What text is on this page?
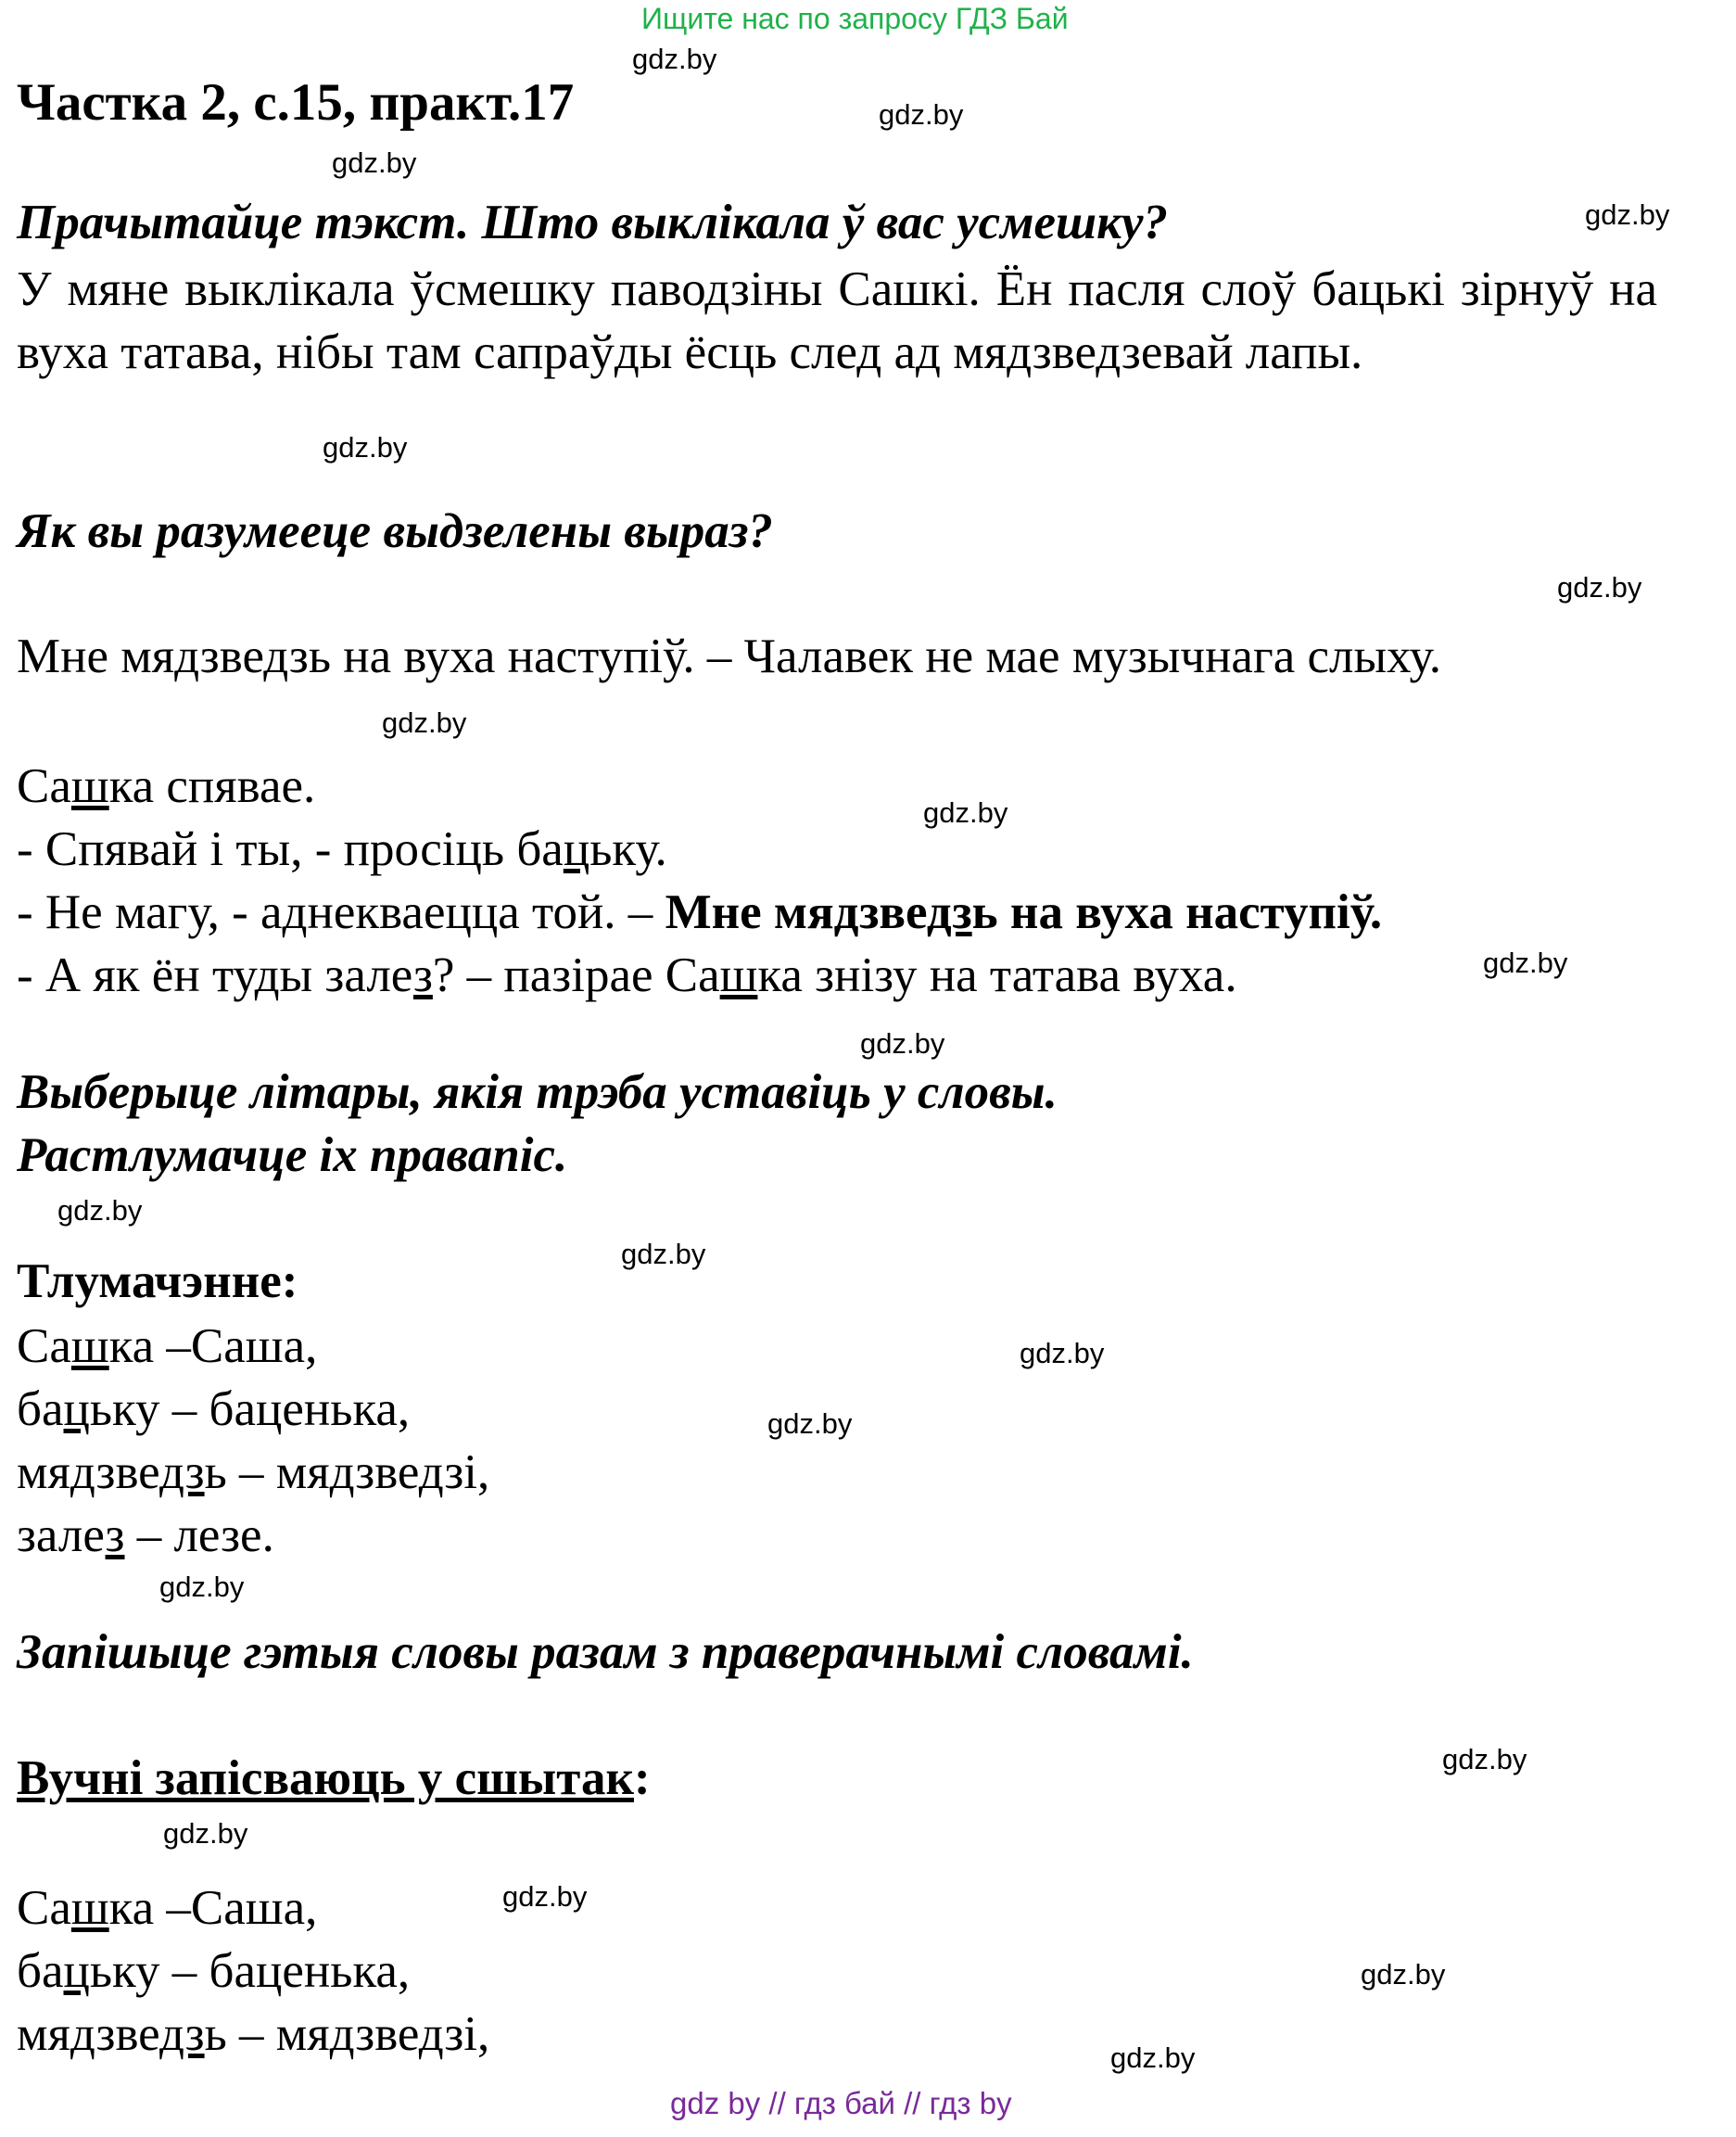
Ищите нас по запросу ГДЗ Бай
Частка 2, с.15, практ.17
Прачытайце тэкст. Што выклікала ў вас усмешку?
У мяне выклікала ўсмешку паводзіны Сашкі. Ён пасля слоў бацькі зірнуў на вуха татава, нібы там сапраўды ёсць след ад мядзведзевай лапы.
Як вы разумееце выдзелены выраз?
Мне мядзведзь на вуха наступіў. – Чалавек не мае музычнага слыху.
Сашка спявае.
- Спявай і ты, - просіць бацьку.
- Не магу, - аднекваецца той. – Мне мядзведзь на вуха наступіў.
- А як ён туды залез? – пазірае Сашка знізу на татава вуха.
Выберыце літары, якія трэба уставіць у словы.
Растлумачце іх правапіс.
Тлумачэнне:
Сашка –Саша,
бацьку – баценька,
мядзведзь – мядзведзі,
залез – лезе.
Запішыце гэтыя словы разам з праверачнымі словамі.
Вучні запісваюць у сшытак:
Сашка –Саша,
бацьку – баценька,
мядзведзь – мядзведзі,
gdz.by
gdz.by
gdz.by
gdz.by
gdz.by
gdz.by
gdz.by
gdz.by
gdz.by
gdz.by
gdz.by
gdz.by
gdz.by
gdz.by
gdz.by
gdz.by
gdz.by
gdz.by
gdz.by
gdz.by
gdz by // гдз бай // гдз by
